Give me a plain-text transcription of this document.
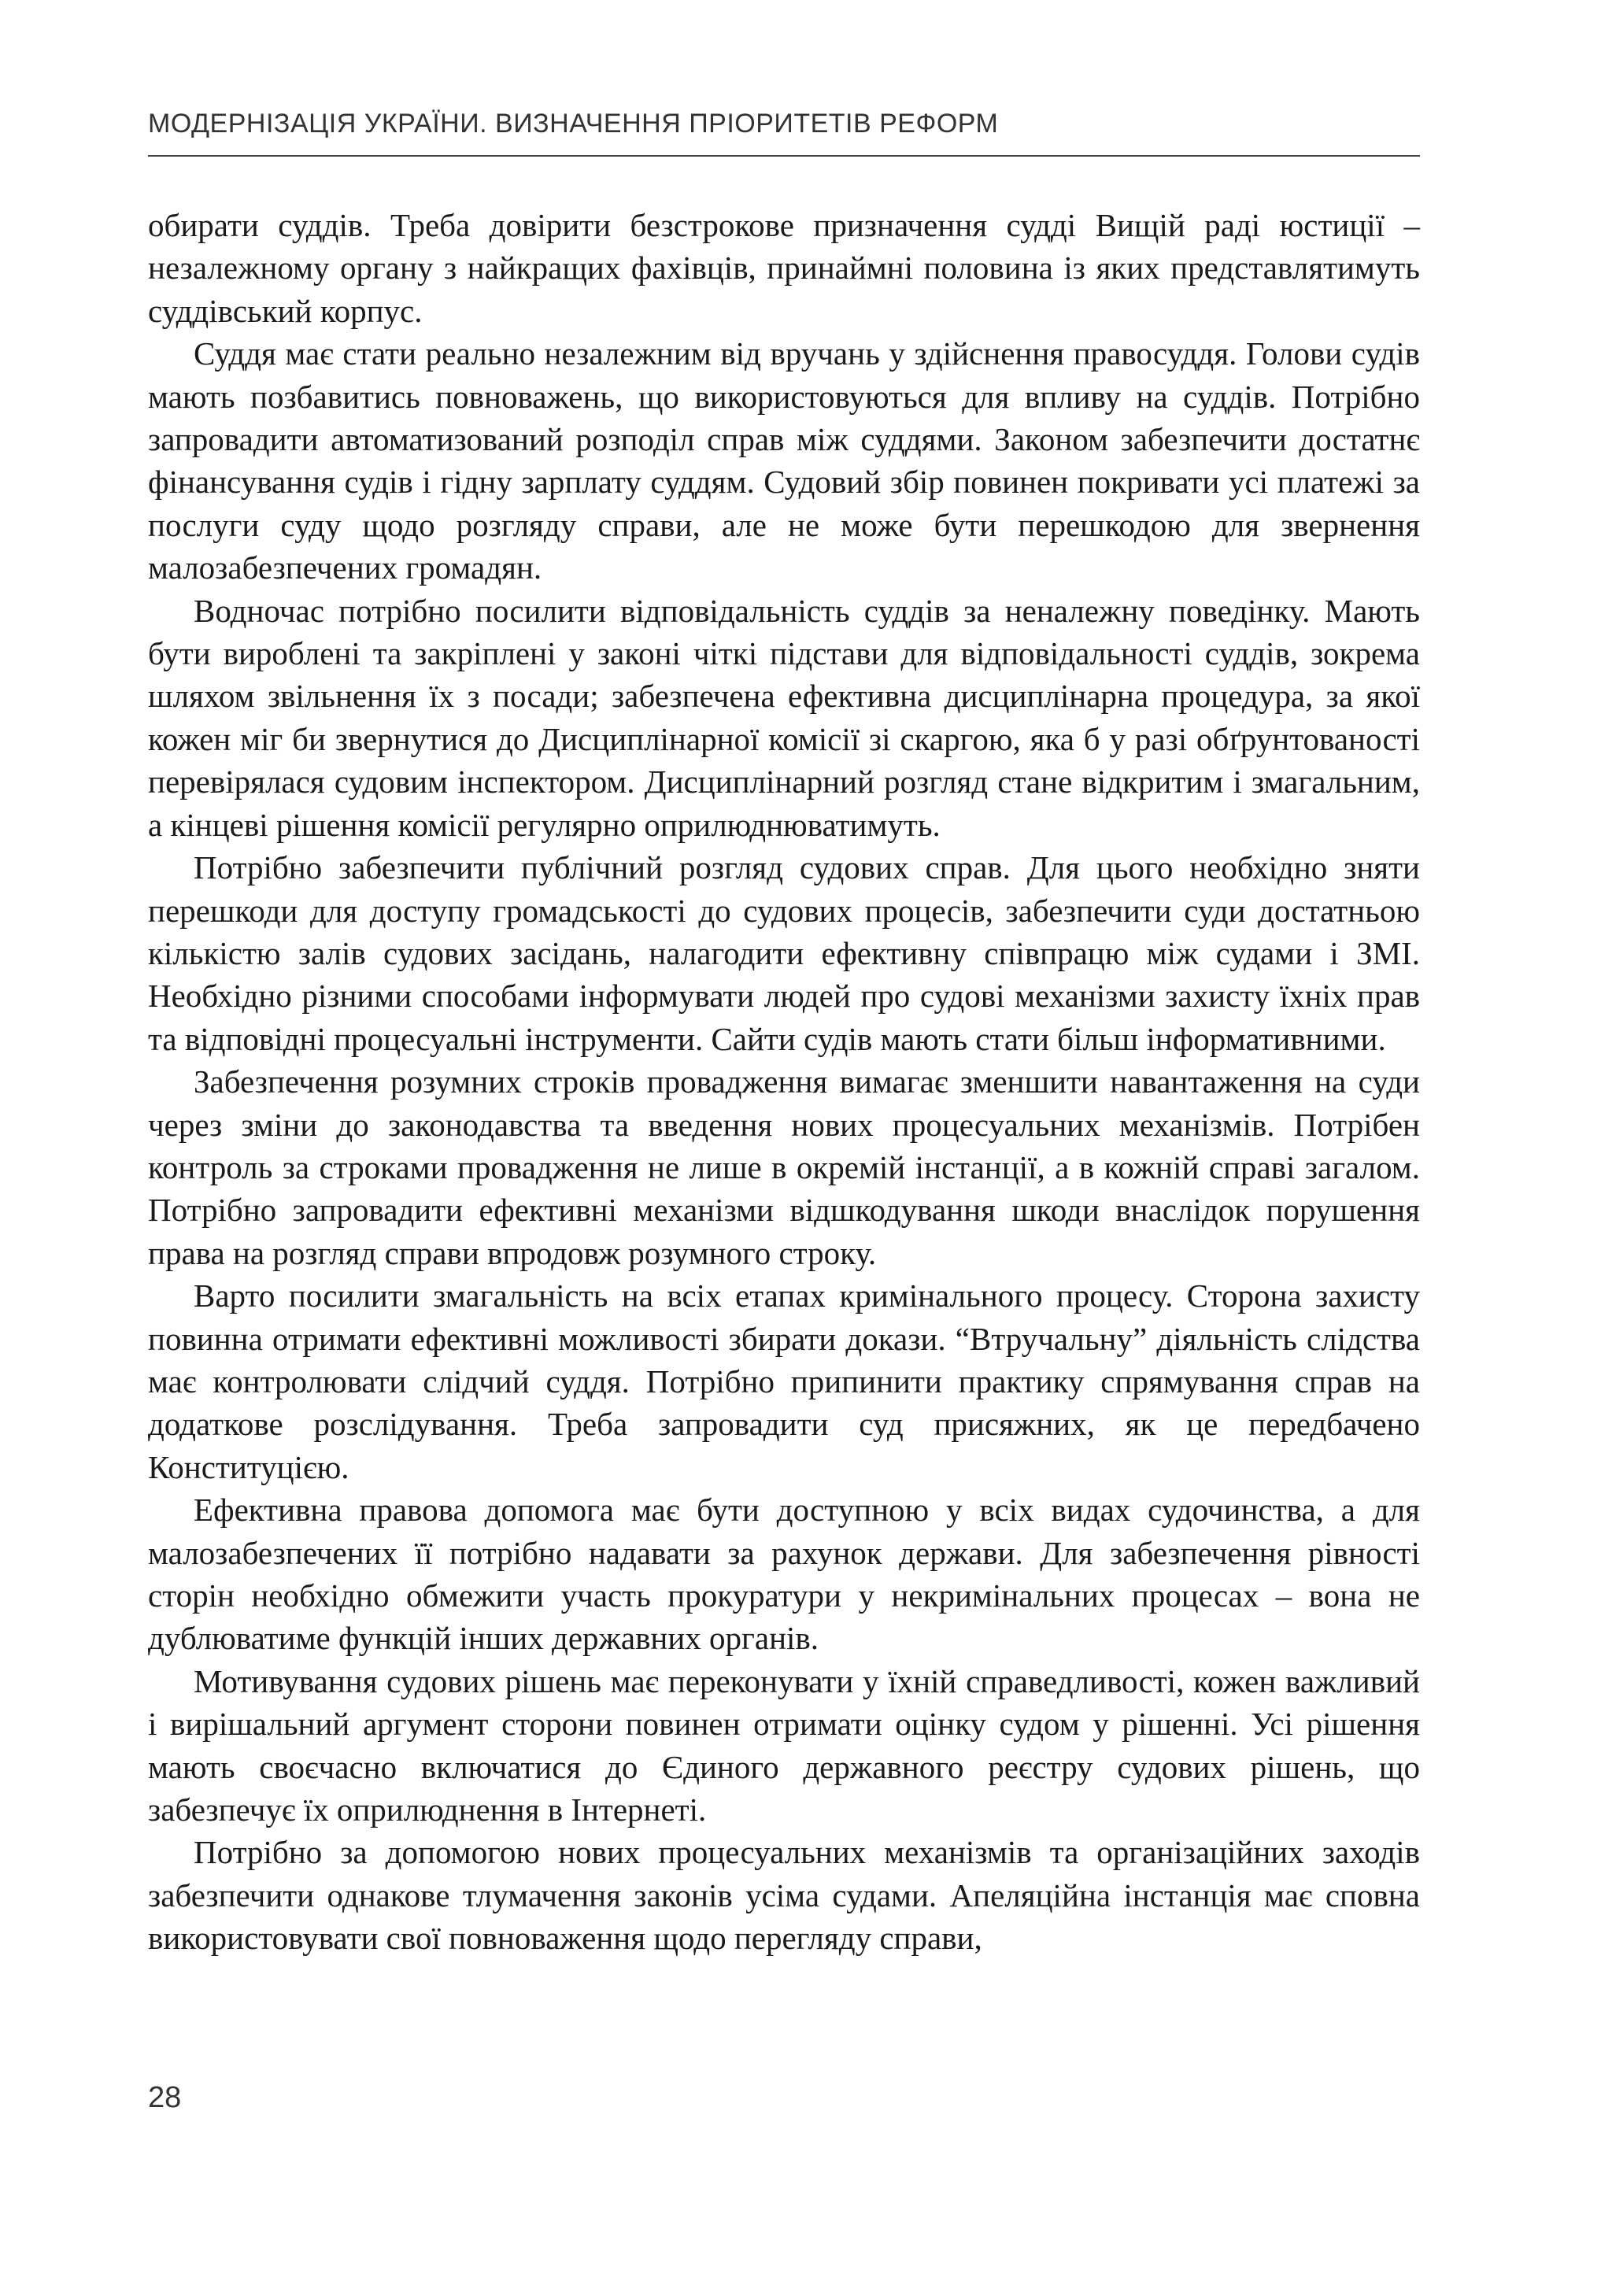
МОДЕРНІЗАЦІЯ УКРАЇНИ. ВИЗНАЧЕННЯ ПРІОРИТЕТІВ РЕФОРМ

обирати суддів. Треба довірити безстрокове призначення судді Вищій раді юстиції – незалежному органу з найкращих фахівців, принаймні половина із яких представлятимуть суддівський корпус.

Суддя має стати реально незалежним від вручань у здійснення правосуддя. Голови судів мають позбавитись повноважень, що використовуються для впливу на суддів. Потрібно запровадити автоматизований розподіл справ між суддями. Законом забезпечити достатнє фінансування судів і гідну зарплату суддям. Судовий збір повинен покривати усі платежі за послуги суду щодо розгляду справи, але не може бути перешкодою для звернення малозабезпечених громадян.

Водночас потрібно посилити відповідальність суддів за неналежну поведінку. Мають бути вироблені та закріплені у законі чіткі підстави для відповідальності суддів, зокрема шляхом звільнення їх з посади; забезпечена ефективна дисциплінарна процедура, за якої кожен міг би звернутися до Дисциплінарної комісії зі скаргою, яка б у разі обґрунтованості перевірялася судовим інспектором. Дисциплінарний розгляд стане відкритим і змагальним, а кінцеві рішення комісії регулярно оприлюднюватимуть.

Потрібно забезпечити публічний розгляд судових справ. Для цього необхідно зняти перешкоди для доступу громадськості до судових процесів, забезпечити суди достатньою кількістю залів судових засідань, налагодити ефективну співпрацю між судами і ЗМІ. Необхідно різними способами інформувати людей про судові механізми захисту їхніх прав та відповідні процесуальні інструменти. Сайти судів мають стати більш інформативними.

Забезпечення розумних строків провадження вимагає зменшити навантаження на суди через зміни до законодавства та введення нових процесуальних механізмів. Потрібен контроль за строками провадження не лише в окремій інстанції, а в кожній справі загалом. Потрібно запровадити ефективні механізми відшкодування шкоди внаслідок порушення права на розгляд справи впродовж розумного строку.

Варто посилити змагальність на всіх етапах кримінального процесу. Сторона захисту повинна отримати ефективні можливості збирати докази. “Втручальну” діяльність слідства має контролювати слідчий суддя. Потрібно припинити практику спрямування справ на додаткове розслідування. Треба запровадити суд присяжних, як це передбачено Конституцією.

Ефективна правова допомога має бути доступною у всіх видах судочинства, а для малозабезпечених її потрібно надавати за рахунок держави. Для забезпечення рівності сторін необхідно обмежити участь прокуратури у некримінальних процесах – вона не дублюватиме функцій інших державних органів.

Мотивування судових рішень має переконувати у їхній справедливості, кожен важливий і вирішальний аргумент сторони повинен отримати оцінку судом у рішенні. Усі рішення мають своєчасно включатися до Єдиного державного реєстру судових рішень, що забезпечує їх оприлюднення в Інтернеті.

Потрібно за допомогою нових процесуальних механізмів та організаційних заходів забезпечити однакове тлумачення законів усіма судами. Апеляційна інстанція має сповна використовувати свої повноваження щодо перегляду справи,

28
